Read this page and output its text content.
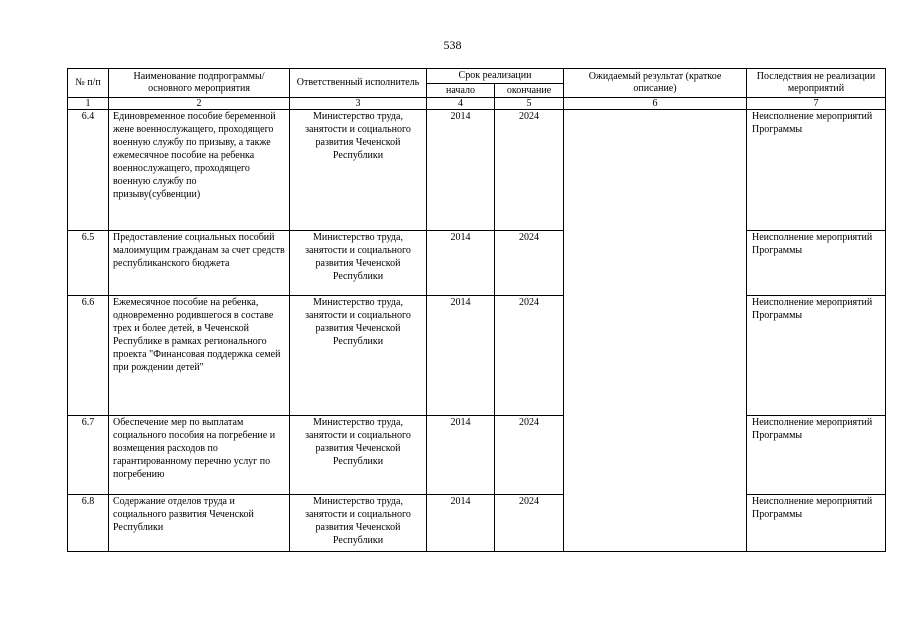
538
№ п/п	Наименование подпрограммы/ основного мероприятия	Ответственный исполнитель	Срок реализации		Ожидаемый результат (краткое описание)	Последствия не реализации мероприятий
			начало	окончание		
1	2	3	4	5	6	7
6.4	Единовременное пособие беременной жене военнослужащего, проходящего военную службу по призыву, а также ежемесячное пособие на ребенка военнослужащего, проходящего военную службу по призыву(субвенции)	Министерство труда, занятости и социального развития Чеченской Республики	2014	2024		Неисполнение мероприятий Программы
6.5	Предоставление социальных пособий малоимущим гражданам за счет средств республиканского бюджета	Министерство труда, занятости и социального развития Чеченской Республики	2014	2024		Неисполнение мероприятий Программы
6.6	Ежемесячное пособие на ребенка, одновременно родившегося в составе трех и более детей, в Чеченской Республике в рамках регионального проекта "Финансовая поддержка семей при рождении детей"	Министерство труда, занятости и социального развития Чеченской Республики	2014	2024		Неисполнение мероприятий Программы
6.7	Обеспечение мер по выплатам социального пособия на погребение и возмещения расходов по гарантированному перечню услуг по погребению	Министерство труда, занятости и социального развития Чеченской Республики	2014	2024		Неисполнение мероприятий Программы
6.8	Содержание отделов труда и социального развития Чеченской Республики	Министерство труда, занятости и социального развития Чеченской Республики	2014	2024		Неисполнение мероприятий Программы
